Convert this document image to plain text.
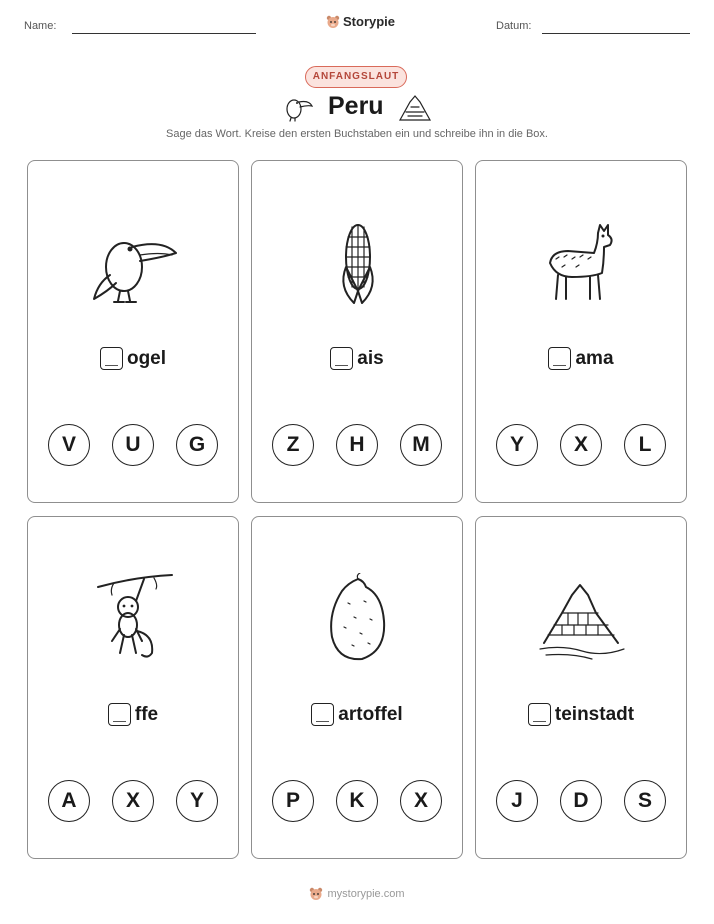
Name:	Storypie	Datum:
ANFANGSLAUT
Peru
Sage das Wort. Kreise den ersten Buchstaben ein und schreibe ihn in die Box.
ogel
V	U	G
ais
Z	H	M
ama
Y	X	L
ffe
A	X	Y
artoffel
P	K	X
teinstadt
J	D	S
mystorypie.com
